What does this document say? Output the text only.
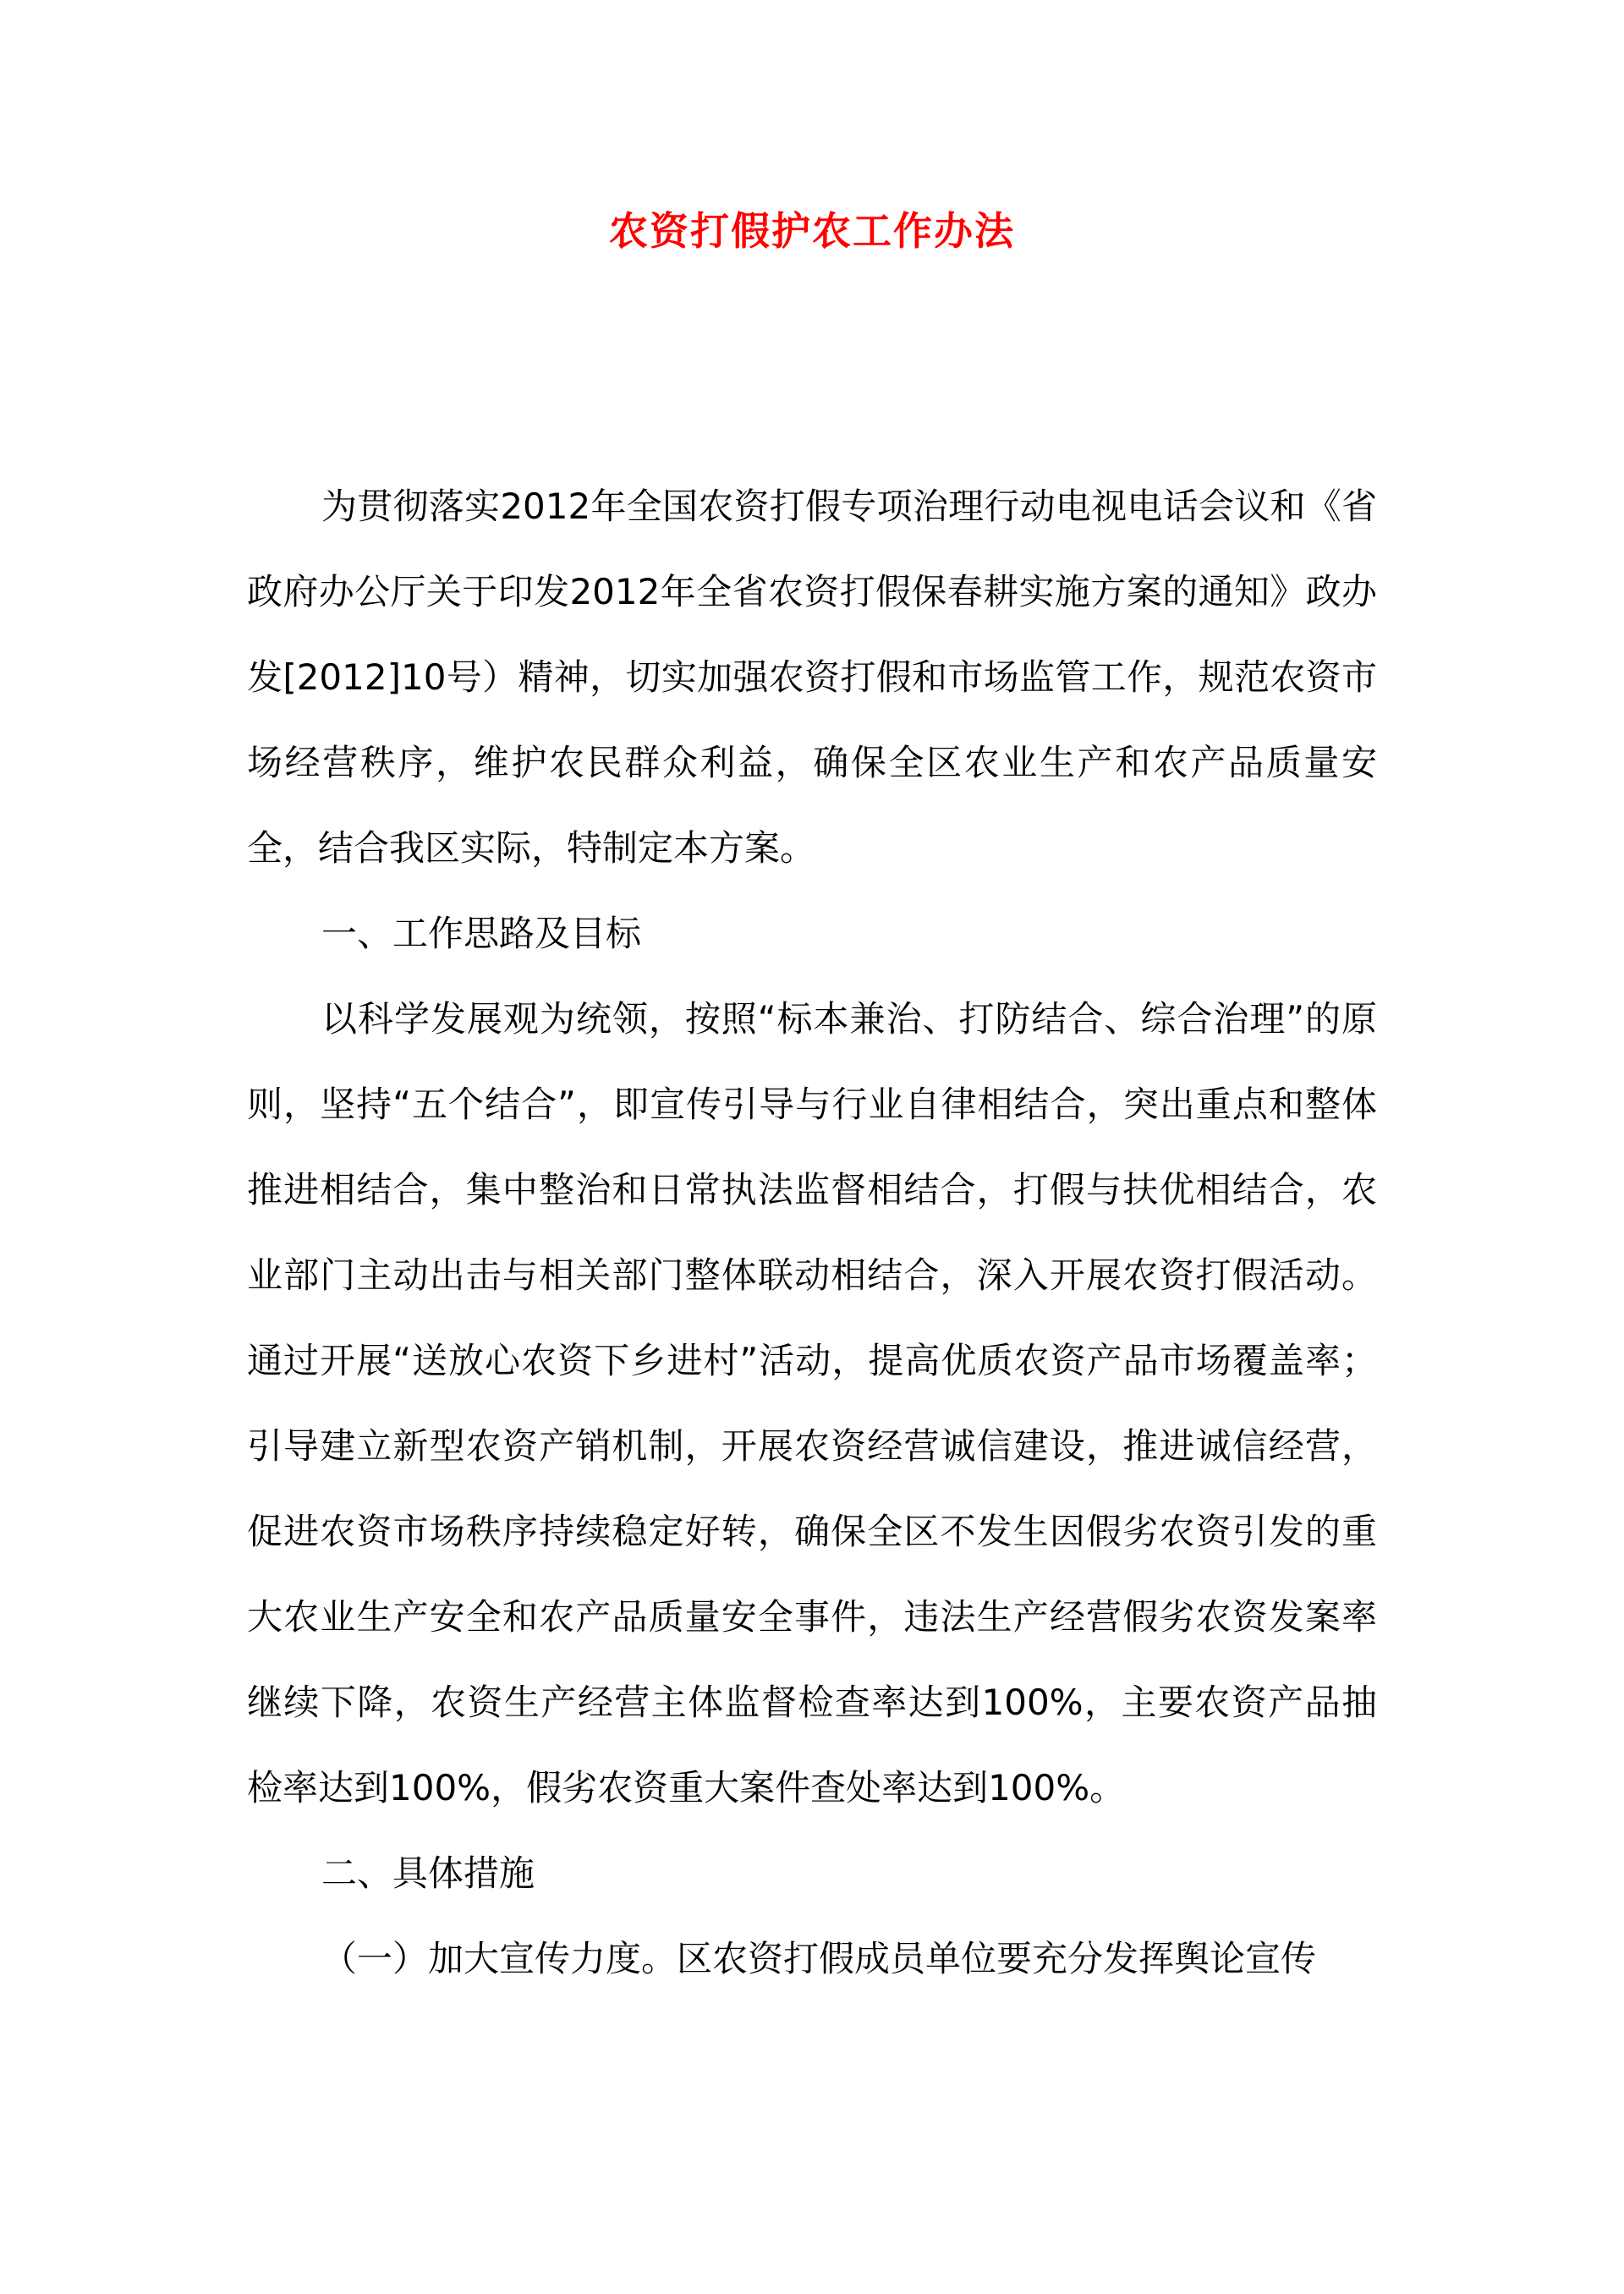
农资打假护农工作办法

为贯彻落实2012年全国农资打假专项治理行动电视电话会议和《省政府办公厅关于印发2012年全省农资打假保春耕实施方案的通知》政办发[2012]10号）精神，切实加强农资打假和市场监管工作，规范农资市场经营秩序，维护农民群众利益，确保全区农业生产和农产品质量安全，结合我区实际，特制定本方案。

一、工作思路及目标

以科学发展观为统领，按照“标本兼治、打防结合、综合治理”的原则，坚持“五个结合”，即宣传引导与行业自律相结合，突出重点和整体推进相结合，集中整治和日常执法监督相结合，打假与扶优相结合，农业部门主动出击与相关部门整体联动相结合，深入开展农资打假活动。通过开展“送放心农资下乡进村”活动，提高优质农资产品市场覆盖率；引导建立新型农资产销机制，开展农资经营诚信建设，推进诚信经营，促进农资市场秩序持续稳定好转，确保全区不发生因假劣农资引发的重大农业生产安全和农产品质量安全事件，违法生产经营假劣农资发案率继续下降，农资生产经营主体监督检查率达到100%，主要农资产品抽检率达到100%，假劣农资重大案件查处率达到100%。

二、具体措施

（一）加大宣传力度。区农资打假成员单位要充分发挥舆论宣传
